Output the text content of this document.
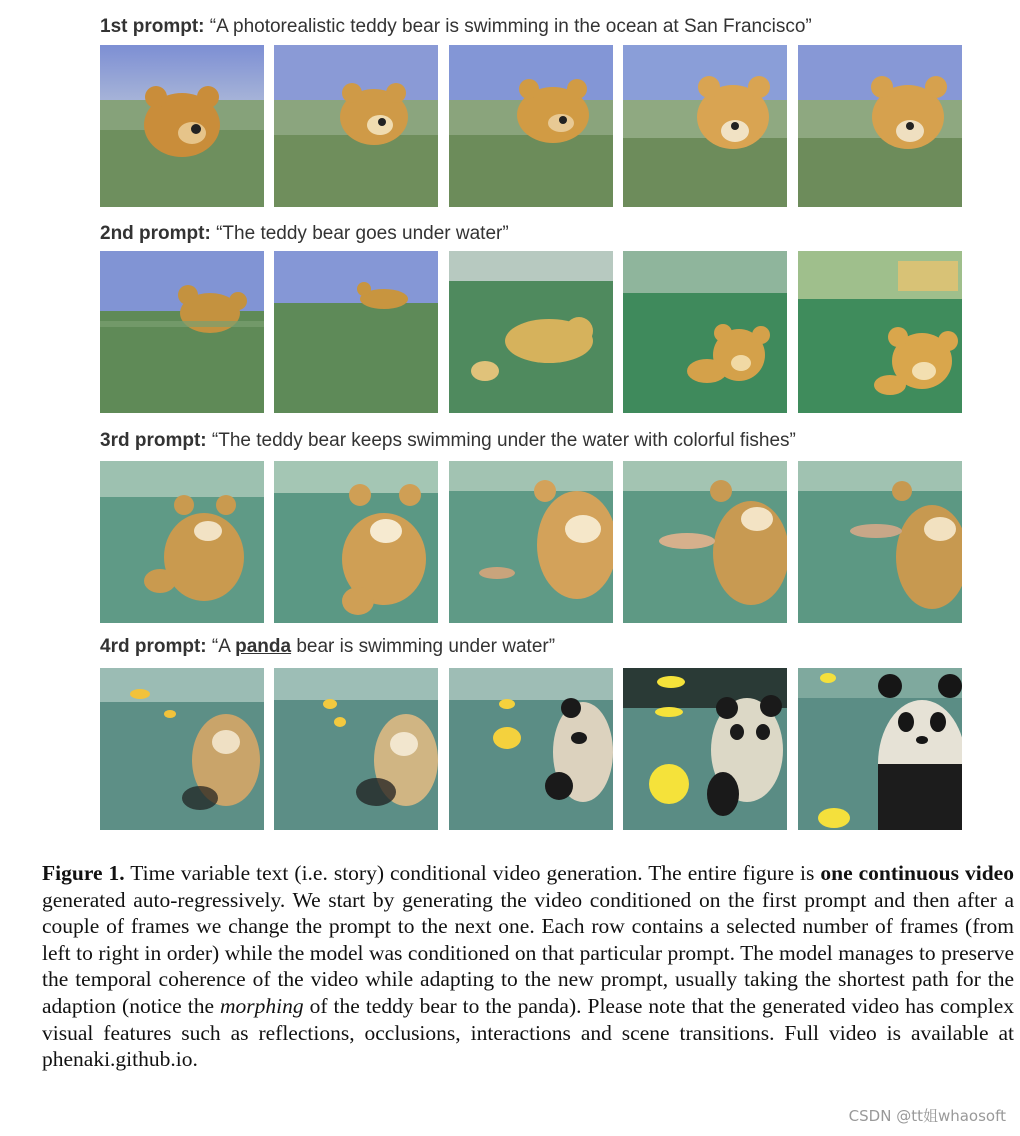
1st prompt: “A photorealistic teddy bear is swimming in the ocean at San Francisco”
2nd prompt: “The teddy bear goes under water”
3rd prompt: “The teddy bear keeps swimming under the water with colorful fishes”
4rd prompt: “A panda bear is swimming under water”
Figure 1. Time variable text (i.e. story) conditional video generation. The entire figure is one continuous video generated auto-regressively. We start by generating the video conditioned on the first prompt and then after a couple of frames we change the prompt to the next one. Each row contains a selected number of frames (from left to right in order) while the model was conditioned on that particular prompt. The model manages to preserve the temporal coherence of the video while adapting to the new prompt, usually taking the shortest path for the adaption (notice the morphing of the teddy bear to the panda). Please note that the generated video has complex visual features such as reflections, occlusions, interactions and scene transitions. Full video is available at phenaki.github.io.
CSDN @tt姐whaosoft
